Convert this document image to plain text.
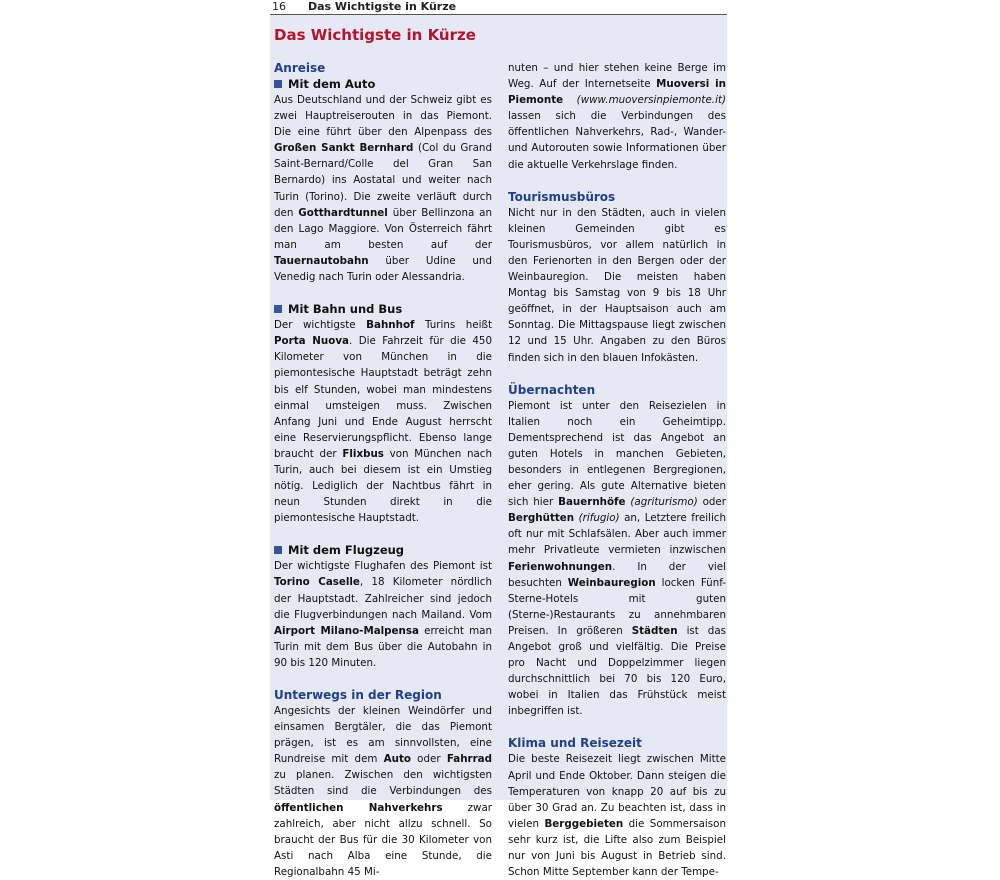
16 Das Wichtigste in Kürze
Das Wichtigste in Kürze
Anreise
Mit dem Auto

Aus Deutschland und der Schweiz gibt es zwei Hauptreiserouten in das Piemont. Die eine führt über den Alpenpass des Großen Sankt Bernhard (Col du Grand Saint-Bernard/Colle del Gran San Bernardo) ins Aostatal und weiter nach Turin (Torino). Die zweite verläuft durch den Gotthardtunnel über Bellinzona an den Lago Maggiore. Von Österreich fährt man am besten auf der Tauernautobahn über Udine und Venedig nach Turin oder Alessandria.

Mit Bahn und Bus

Der wichtigste Bahnhof Turins heißt Porta Nuova. Die Fahrzeit für die 450 Kilometer von München in die piemontesische Hauptstadt beträgt zehn bis elf Stunden, wobei man mindestens einmal umsteigen muss. Zwischen Anfang Juni und Ende August herrscht eine Reservierungspflicht. Ebenso lange braucht der Flixbus von München nach Turin, auch bei diesem ist ein Umstieg nötig. Lediglich der Nachtbus fährt in neun Stunden direkt in die piemontesische Hauptstadt.

Mit dem Flugzeug

Der wichtigste Flughafen des Piemont ist Torino Caselle, 18 Kilometer nördlich der Hauptstadt. Zahlreicher sind jedoch die Flugverbindungen nach Mailand. Vom Airport Milano-Malpensa erreicht man Turin mit dem Bus über die Autobahn in 90 bis 120 Minuten.

Unterwegs in der Region

Angesichts der kleinen Weindörfer und einsamen Bergtäler, die das Piemont prägen, ist es am sinnvollsten, eine Rundreise mit dem Auto oder Fahrrad zu planen. Zwischen den wichtigsten Städten sind die Verbindungen des öffentlichen Nahverkehrs zwar zahlreich, aber nicht allzu schnell. So braucht der Bus für die 30 Kilometer von Asti nach Alba eine Stunde, die Regionalbahn 45 Mi-

nuten – und hier stehen keine Berge im Weg. Auf der Internetseite Muoversi in Piemonte (www.muoversinpiemonte.it) lassen sich die Verbindungen des öffentlichen Nahverkehrs, Rad-, Wander- und Autorouten sowie Informationen über die aktuelle Verkehrslage finden.

Tourismusbüros

Nicht nur in den Städten, auch in vielen kleinen Gemeinden gibt es Tourismusbüros, vor allem natürlich in den Ferienorten in den Bergen oder der Weinbauregion. Die meisten haben Montag bis Samstag von 9 bis 18 Uhr geöffnet, in der Hauptsaison auch am Sonntag. Die Mittagspause liegt zwischen 12 und 15 Uhr. Angaben zu den Büros finden sich in den blauen Infokästen.

Übernachten

Piemont ist unter den Reisezielen in Italien noch ein Geheimtipp. Dementsprechend ist das Angebot an guten Hotels in manchen Gebieten, besonders in entlegenen Bergregionen, eher gering. Als gute Alternative bieten sich hier Bauernhöfe (agriturismo) oder Berghütten (rifugio) an, Letztere freilich oft nur mit Schlafsälen. Aber auch immer mehr Privatleute vermieten inzwischen Ferienwohnungen. In der viel besuchten Weinbauregion locken Fünf-Sterne-Hotels mit guten (Sterne-)Restaurants zu annehmbaren Preisen. In größeren Städten ist das Angebot groß und vielfältig. Die Preise pro Nacht und Doppelzimmer liegen durchschnittlich bei 70 bis 120 Euro, wobei in Italien das Frühstück meist inbegriffen ist.

Klima und Reisezeit

Die beste Reisezeit liegt zwischen Mitte April und Ende Oktober. Dann steigen die Temperaturen von knapp 20 auf bis zu über 30 Grad an. Zu beachten ist, dass in vielen Berggebieten die Sommersaison sehr kurz ist, die Lifte also zum Beispiel nur von Juni bis August in Betrieb sind. Schon Mitte September kann der Tempe-
